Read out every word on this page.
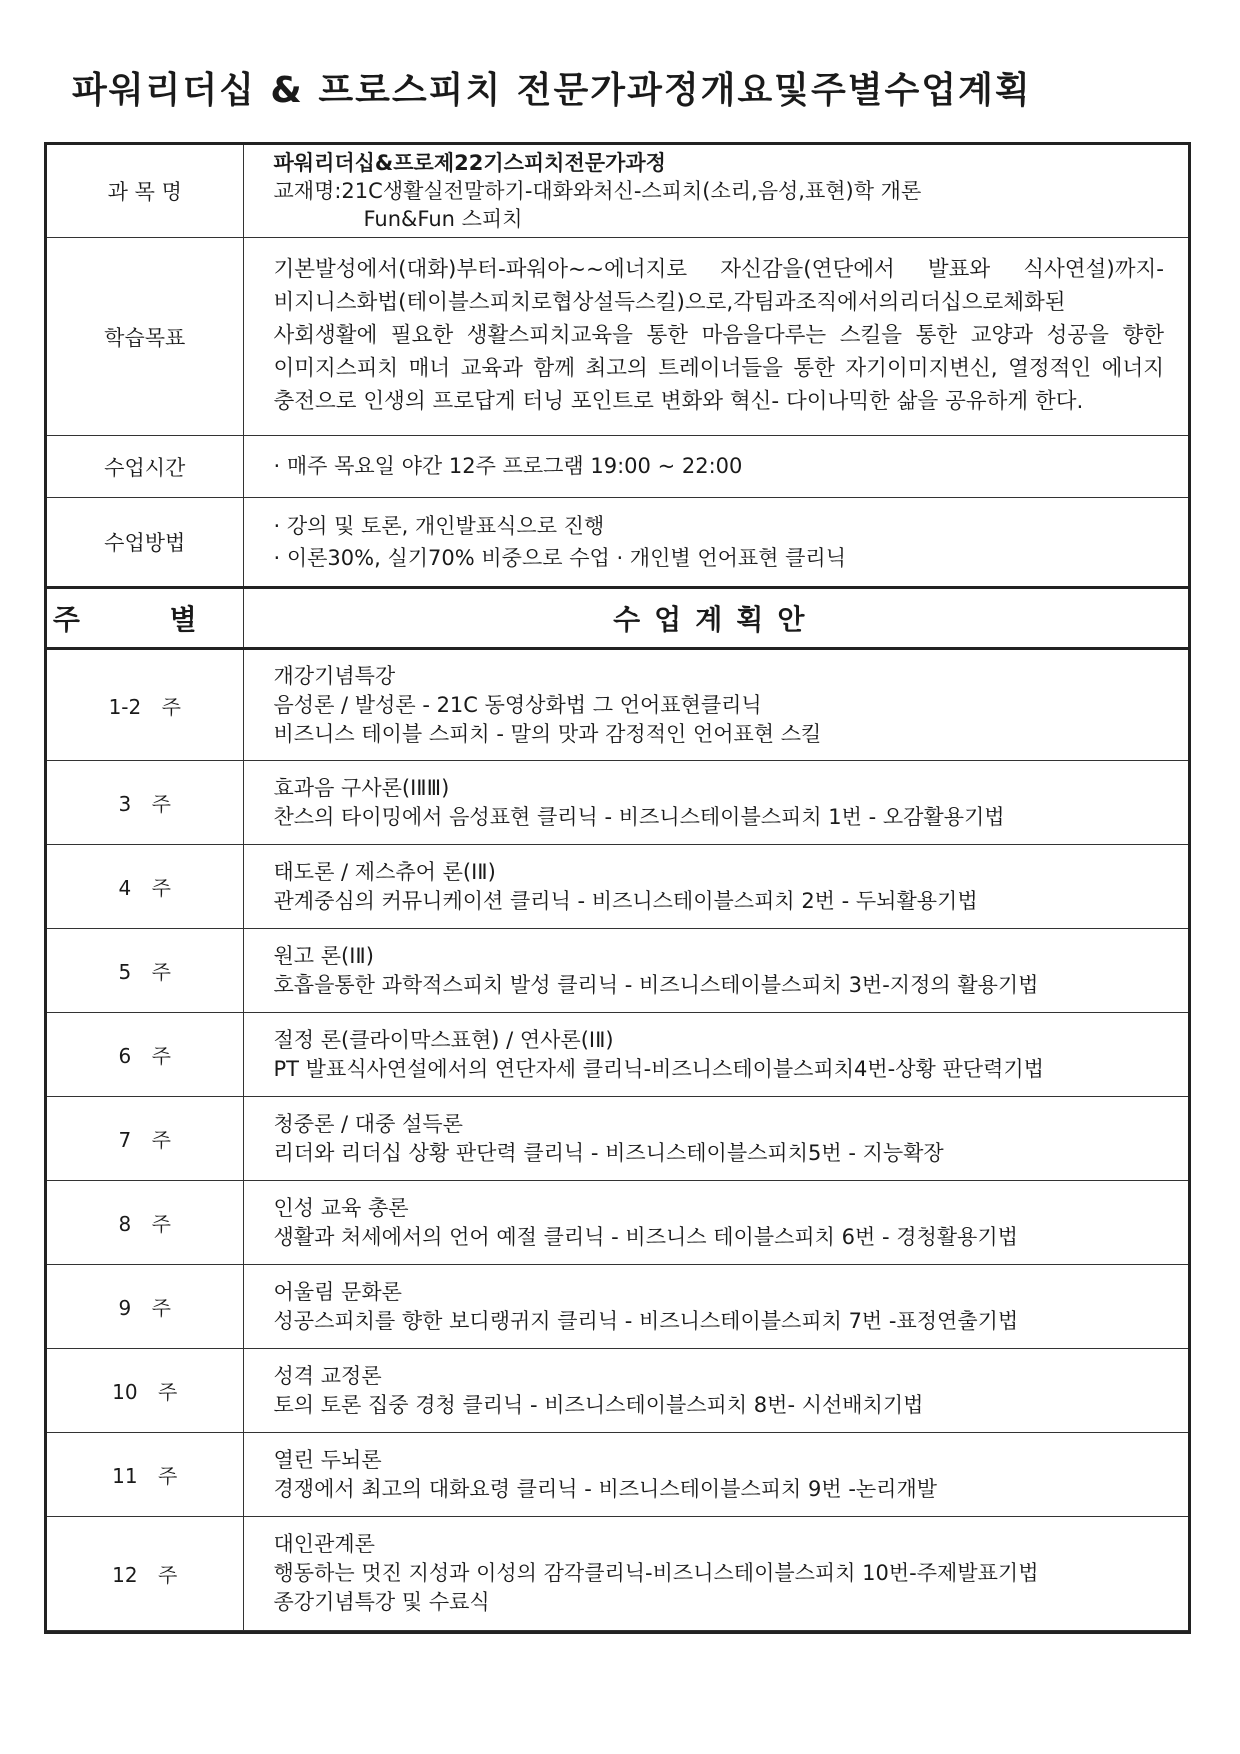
파워리더십 & 프로스피치 전문가과정개요및주별수업계획
과 목 명	파워리더십&프로제22기스피치전문가과정
교재명:21C생활실전말하기-대화와처신-스피치(소리,음성,표현)학 개론
Fun&Fun 스피치

학습목표	기본발성에서(대화)부터-파워아~~에너지로 자신감을(연단에서 발표와 식사연설)까지-비지니스화법(테이블스피치로협상설득스킬)으로,각팀과조직에서의리더십으로체화된 사회생활에 필요한 생활스피치교육을 통한 마음을다루는 스킬을 통한 교양과 성공을 향한 이미지스피치 매너 교육과 함께 최고의 트레이너들을 통한 자기이미지변신, 열정적인 에너지 충전으로 인생의 프로답게 터닝 포인트로 변화와 혁신- 다이나믹한 삶을 공유하게 한다.
수업시간	· 매주 목요일 야간 12주 프로그램 19:00 ~ 22:00

수업방법	· 강의 및 토론, 개인발표식으로 진행
· 이론30%, 실기70% 비중으로 수업 · 개인별 언어표현 클리닉

주 별	수업계획안
1-2 주	개강기념특강
음성론 / 발성론 - 21C 동영상화법 그 언어표현클리닉
비즈니스 테이블 스피치 - 말의 맛과 감정적인 언어표현 스킬

3 주	효과음 구사론(ⅠⅡⅢ)
찬스의 타이밍에서 음성표현 클리닉 - 비즈니스테이블스피치 1번 - 오감활용기법

4 주	태도론 / 제스츄어 론(ⅠⅡ)
관계중심의 커뮤니케이션 클리닉 - 비즈니스테이블스피치 2번 - 두뇌활용기법

5 주	원고 론(ⅠⅡ)
호흡을통한 과학적스피치 발성 클리닉 - 비즈니스테이블스피치 3번-지정의 활용기법

6 주	절정 론(클라이막스표현) / 연사론(ⅠⅡ)
PT 발표식사연설에서의 연단자세 클리닉-비즈니스테이블스피치4번-상황 판단력기법

7 주	청중론 / 대중 설득론
리더와 리더십 상황 판단력 클리닉 - 비즈니스테이블스피치5번 - 지능확장

8 주	인성 교육 총론
생활과 처세에서의 언어 예절 클리닉 - 비즈니스 테이블스피치 6번 - 경청활용기법

9 주	어울림 문화론
성공스피치를 향한 보디랭귀지 클리닉 - 비즈니스테이블스피치 7번 -표정연출기법

10 주	성격 교정론
토의 토론 집중 경청 클리닉 - 비즈니스테이블스피치 8번- 시선배치기법

11 주	열린 두뇌론
경쟁에서 최고의 대화요령 클리닉 - 비즈니스테이블스피치 9번 -논리개발

12 주	대인관계론
행동하는 멋진 지성과 이성의 감각클리닉-비즈니스테이블스피치 10번-주제발표기법
종강기념특강 및 수료식
